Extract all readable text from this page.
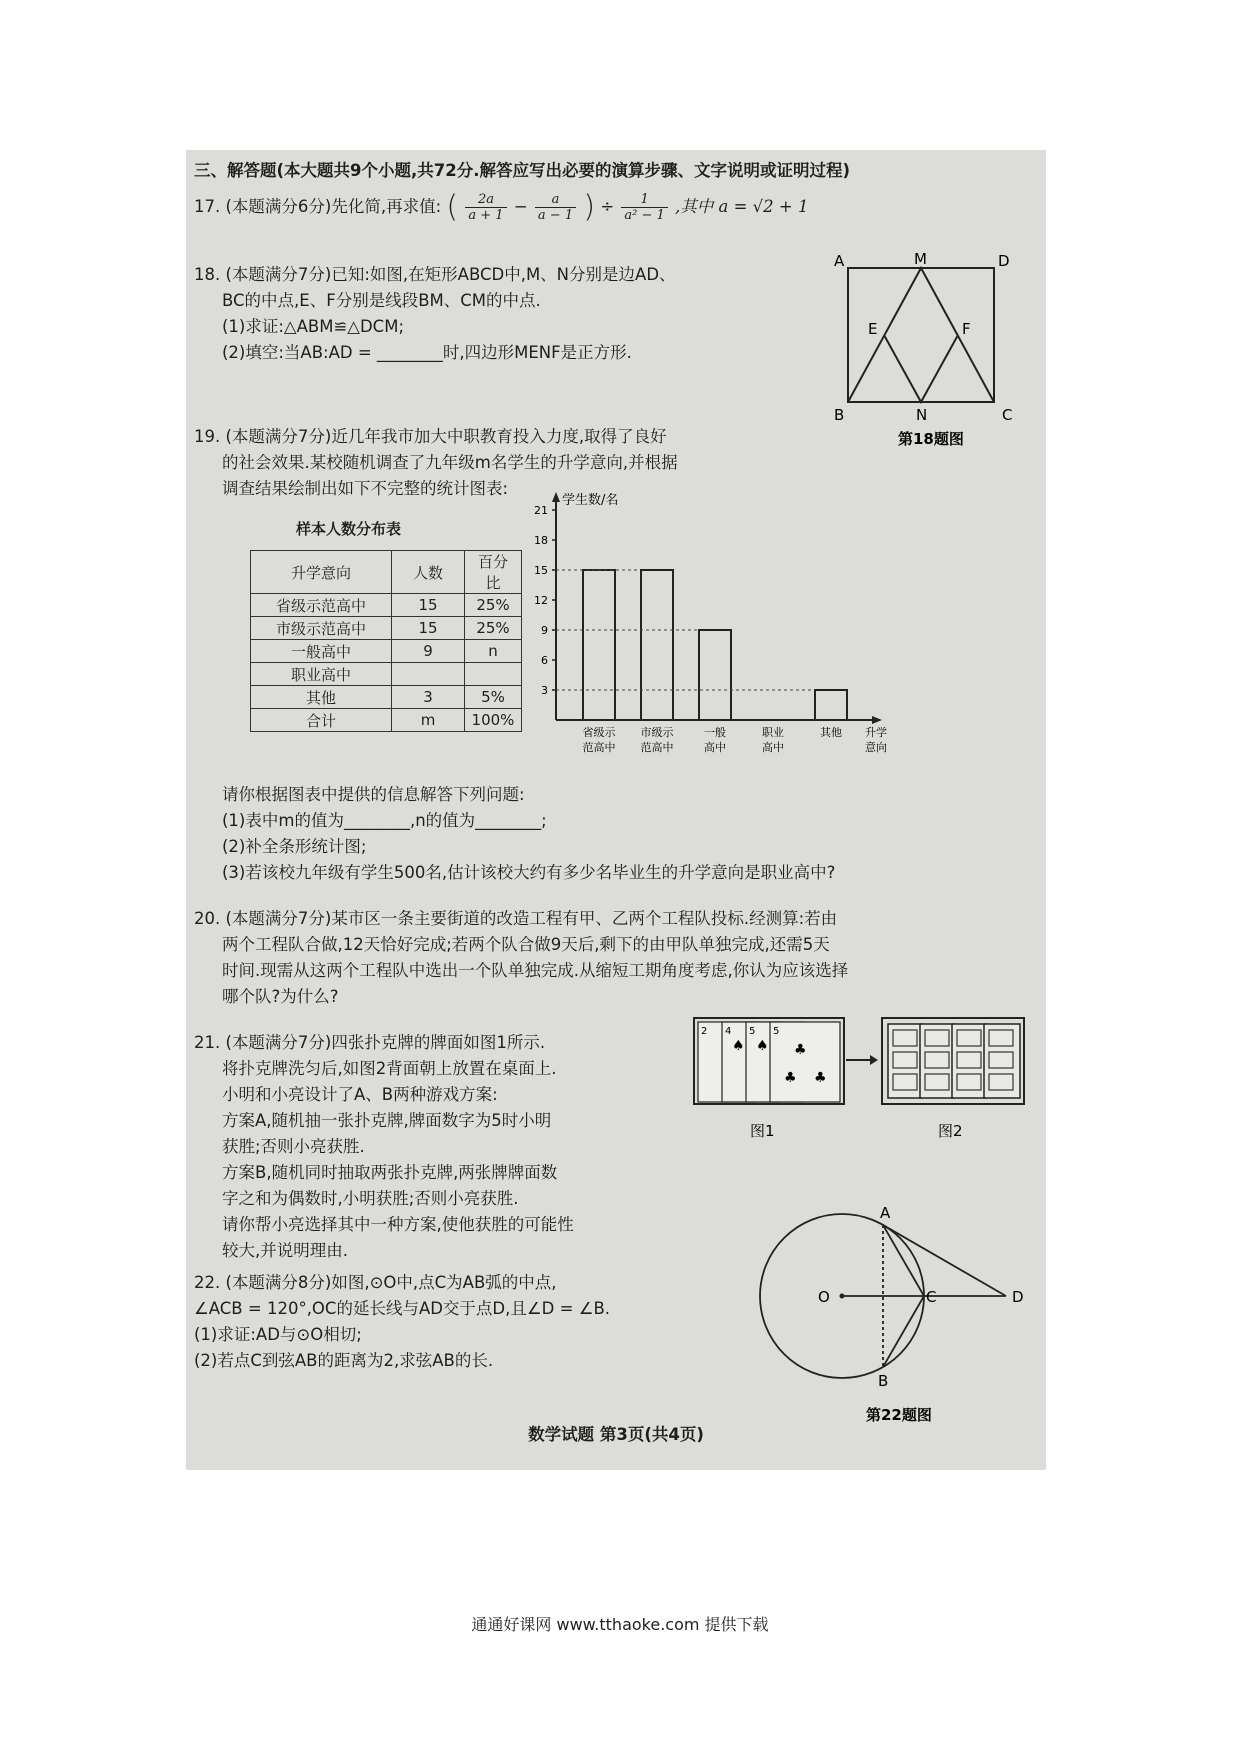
三、解答题(本大题共9个小题,共72分.解答应写出必要的演算步骤、文字说明或证明过程)
17. (本题满分6分)先化简,再求值: ( $\frac{2a}{a + 1} - \frac{a}{a - 1}$ ) ÷ $\frac{1}{\text{a² − 1}}$ ,其中 a = √2 + 1
18. (本题满分7分)已知:如图,在矩形ABCD中,M、N分别是边AD、
BC的中点,E、F分别是线段BM、CM的中点.
(1)求证:△ABM≌△DCM;
(2)填空:当AB:AD = ________时,四边形MENF是正方形.
A	M	D
E	F
B	N	C
第18题图
19. (本题满分7分)近几年我市加大中职教育投入力度,取得了良好
的社会效果.某校随机调查了九年级m名学生的升学意向,并根据
调查结果绘制出如下不完整的统计图表:
样本人数分布表
升学意向	人数	百分比
省级示范高中	15	25%
市级示范高中	15	25%
一般高中	9	n
职业高中		
其他	3	5%
合计	m	100%
学生数/名
3
6
9
12
15
18
21
省级示
范高中
市级示
范高中
一般
高中
职业
高中
其他 升学
意向
请你根据图表中提供的信息解答下列问题:
(1)表中m的值为________,n的值为________;
(2)补全条形统计图;
(3)若该校九年级有学生500名,估计该校大约有多少名毕业生的升学意向是职业高中?
20. (本题满分7分)某市区一条主要街道的改造工程有甲、乙两个工程队投标.经测算:若由
两个工程队合做,12天恰好完成;若两个队合做9天后,剩下的由甲队单独完成,还需5天
时间.现需从这两个工程队中选出一个队单独完成.从缩短工期角度考虑,你认为应该选择
哪个队?为什么?
21. (本题满分7分)四张扑克牌的牌面如图1所示.
将扑克牌洗匀后,如图2背面朝上放置在桌面上.
小明和小亮设计了A、B两种游戏方案:
方案A,随机抽一张扑克牌,牌面数字为5时小明
获胜;否则小亮获胜.
方案B,随机同时抽取两张扑克牌,两张牌牌面数
字之和为偶数时,小明获胜;否则小亮获胜.
请你帮小亮选择其中一种方案,使他获胜的可能性
较大,并说明理由.
2 4 5 5
♠ ♠ ♣
♣ ♣
图1	图2
22. (本题满分8分)如图,⊙O中,点C为AB弧的中点,
∠ACB = 120°,OC的延长线与AD交于点D,且∠D = ∠B.
(1)求证:AD与⊙O相切;
(2)若点C到弦AB的距离为2,求弦AB的长.
A
O	C	D
B
第22题图
数学试题 第3页(共4页)
通通好课网 www.tthaoke.com 提供下载
